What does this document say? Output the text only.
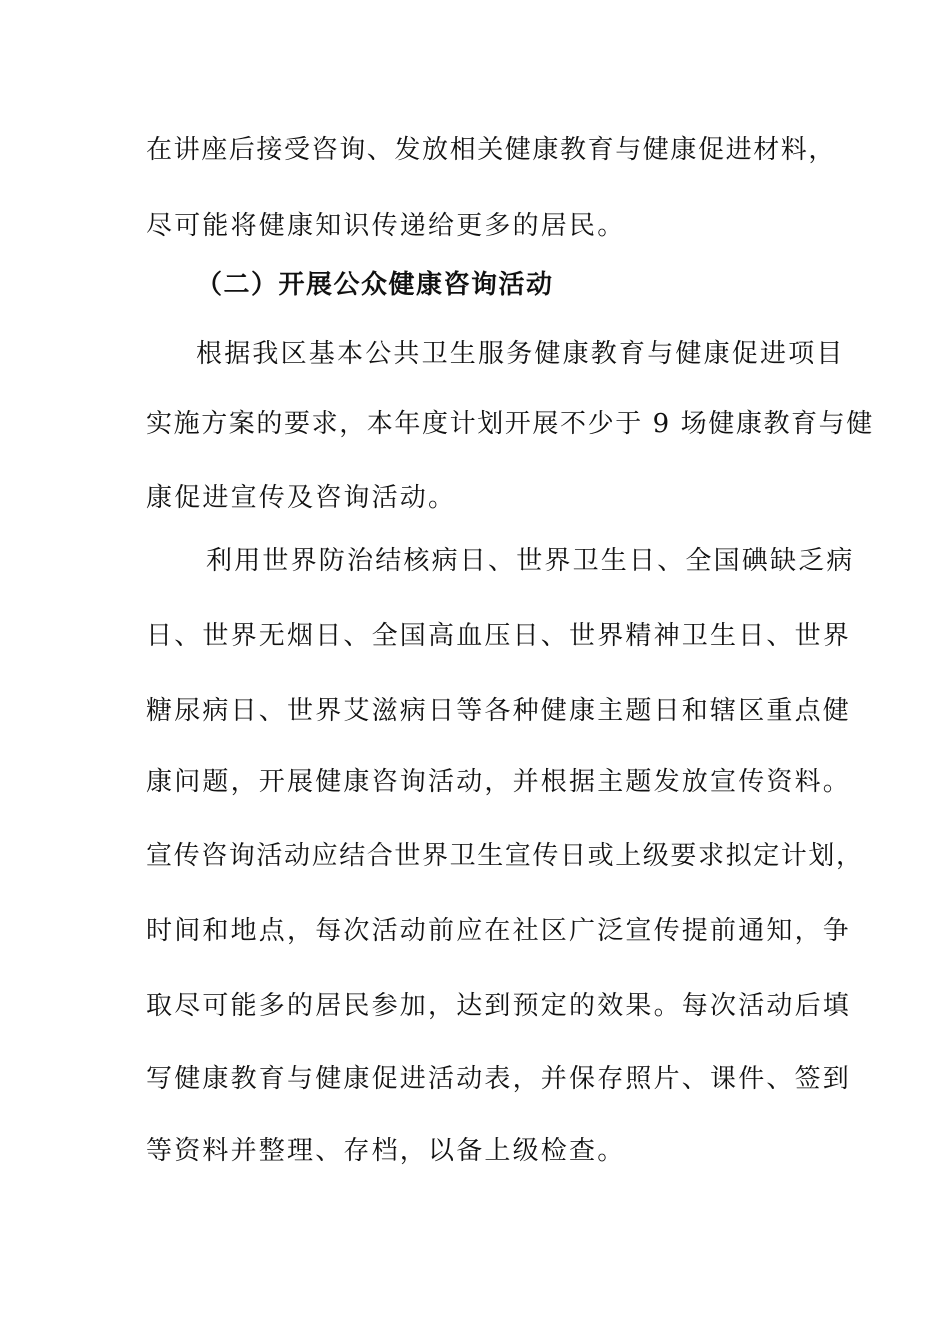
在讲座后接受咨询、发放相关健康教育与健康促进材料，
尽可能将健康知识传递给更多的居民。
（二）开展公众健康咨询活动
根据我区基本公共卫生服务健康教育与健康促进项目
实施方案的要求，本年度计划开展不少于 9 场健康教育与健
康促进宣传及咨询活动。
利用世界防治结核病日、世界卫生日、全国碘缺乏病
日、世界无烟日、全国高血压日、世界精神卫生日、世界
糖尿病日、世界艾滋病日等各种健康主题日和辖区重点健
康问题，开展健康咨询活动，并根据主题发放宣传资料。
宣传咨询活动应结合世界卫生宣传日或上级要求拟定计划，
时间和地点，每次活动前应在社区广泛宣传提前通知，争
取尽可能多的居民参加，达到预定的效果。每次活动后填
写健康教育与健康促进活动表，并保存照片、课件、签到
等资料并整理、存档，以备上级检查。
